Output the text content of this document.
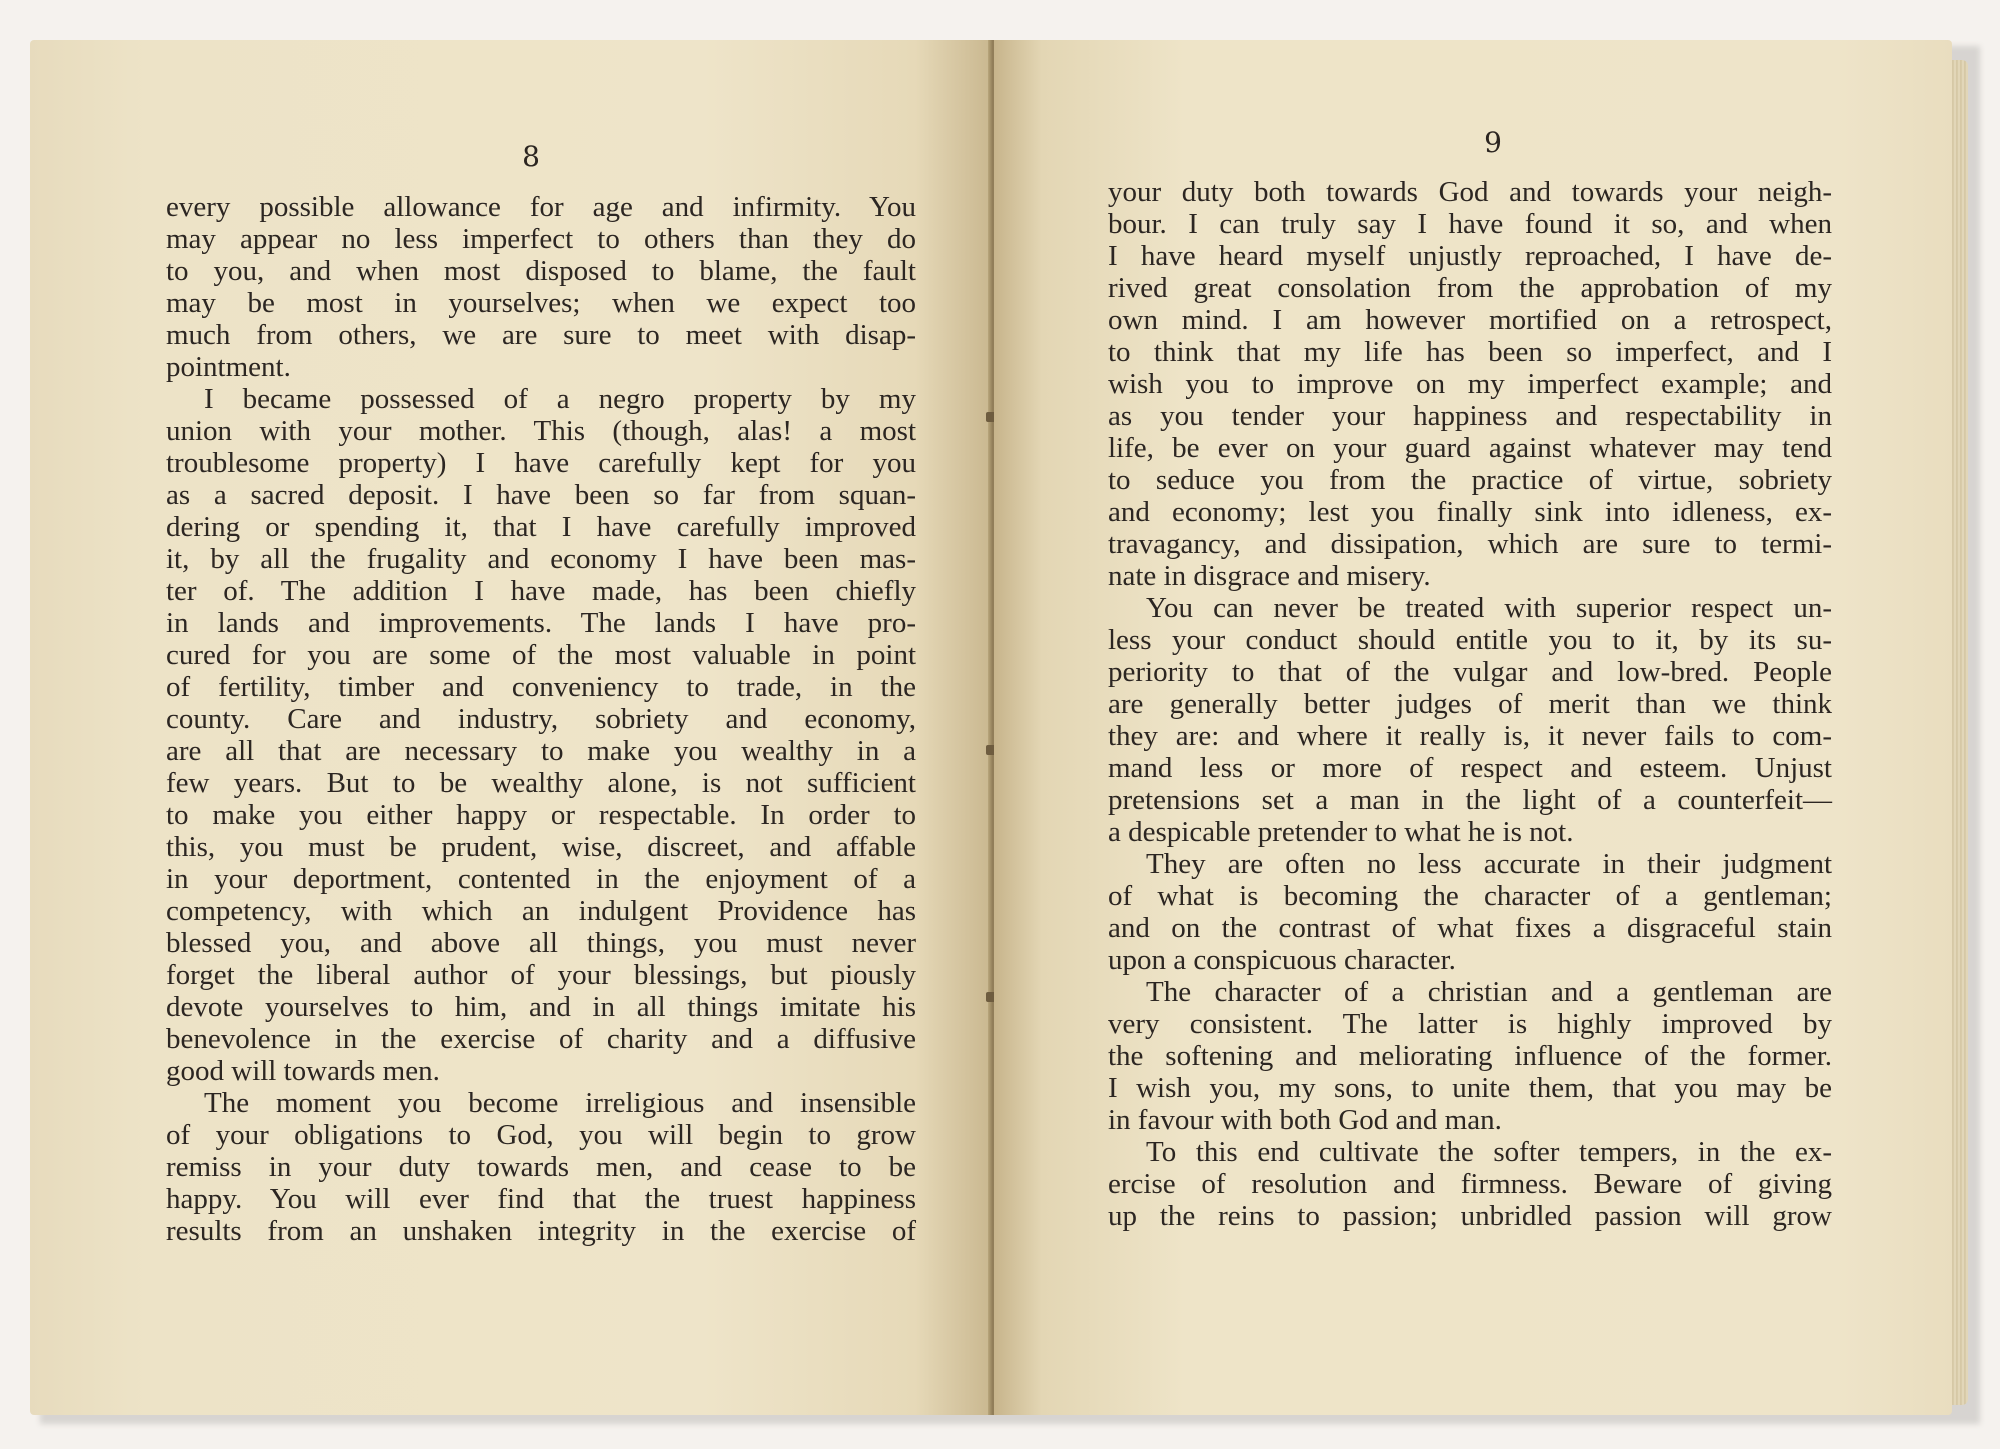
8
every possible allowance for age and infirmity. You
may appear no less imperfect to others than they do
to you, and when most disposed to blame, the fault
may be most in yourselves; when we expect too
much from others, we are sure to meet with disap-
pointment.
I became possessed of a negro property by my
union with your mother. This (though, alas! a most
troublesome property) I have carefully kept for you
as a sacred deposit. I have been so far from squan-
dering or spending it, that I have carefully improved
it, by all the frugality and economy I have been mas-
ter of. The addition I have made, has been chiefly
in lands and improvements. The lands I have pro-
cured for you are some of the most valuable in point
of fertility, timber and conveniency to trade, in the
county. Care and industry, sobriety and economy,
are all that are necessary to make you wealthy in a
few years. But to be wealthy alone, is not sufficient
to make you either happy or respectable. In order to
this, you must be prudent, wise, discreet, and affable
in your deportment, contented in the enjoyment of a
competency, with which an indulgent Providence has
blessed you, and above all things, you must never
forget the liberal author of your blessings, but piously
devote yourselves to him, and in all things imitate his
benevolence in the exercise of charity and a diffusive
good will towards men.
The moment you become irreligious and insensible
of your obligations to God, you will begin to grow
remiss in your duty towards men, and cease to be
happy. You will ever find that the truest happiness
results from an unshaken integrity in the exercise of
9
your duty both towards God and towards your neigh-
bour. I can truly say I have found it so, and when
I have heard myself unjustly reproached, I have de-
rived great consolation from the approbation of my
own mind. I am however mortified on a retrospect,
to think that my life has been so imperfect, and I
wish you to improve on my imperfect example; and
as you tender your happiness and respectability in
life, be ever on your guard against whatever may tend
to seduce you from the practice of virtue, sobriety
and economy; lest you finally sink into idleness, ex-
travagancy, and dissipation, which are sure to termi-
nate in disgrace and misery.
You can never be treated with superior respect un-
less your conduct should entitle you to it, by its su-
periority to that of the vulgar and low-bred. People
are generally better judges of merit than we think
they are: and where it really is, it never fails to com-
mand less or more of respect and esteem. Unjust
pretensions set a man in the light of a counterfeit—
a despicable pretender to what he is not.
They are often no less accurate in their judgment
of what is becoming the character of a gentleman;
and on the contrast of what fixes a disgraceful stain
upon a conspicuous character.
The character of a christian and a gentleman are
very consistent. The latter is highly improved by
the softening and meliorating influence of the former.
I wish you, my sons, to unite them, that you may be
in favour with both God and man.
To this end cultivate the softer tempers, in the ex-
ercise of resolution and firmness. Beware of giving
up the reins to passion; unbridled passion will grow
